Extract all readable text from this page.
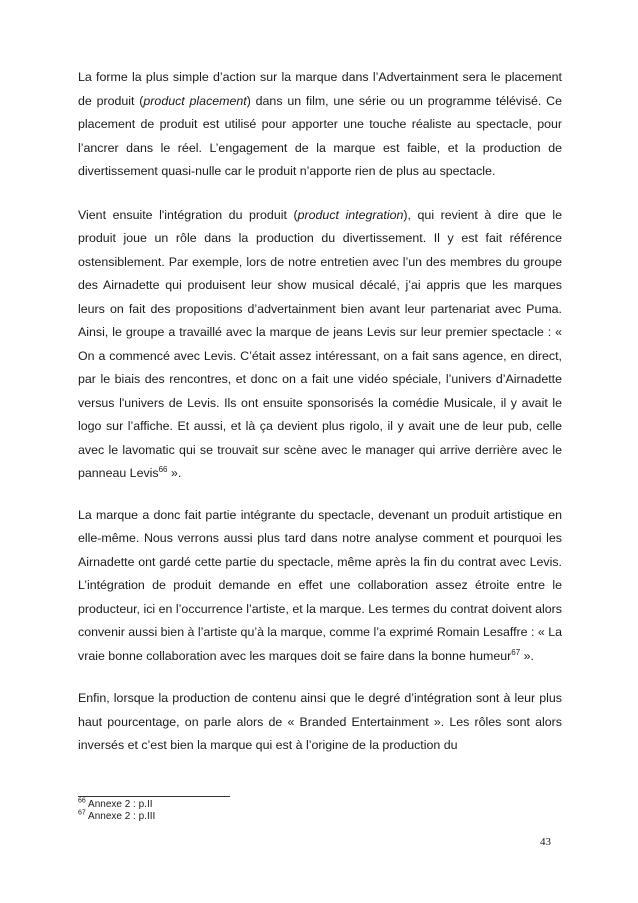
La forme la plus simple d’action sur la marque dans l’Advertainment sera le placement de produit (product placement) dans un film, une série ou un programme télévisé. Ce placement de produit est utilisé pour apporter une touche réaliste au spectacle, pour l’ancrer dans le réel. L’engagement de la marque est faible, et la production de divertissement quasi-nulle car le produit n’apporte rien de plus au spectacle.

Vient ensuite l'intégration du produit (product integration), qui revient à dire que le produit joue un rôle dans la production du divertissement. Il y est fait référence ostensiblement. Par exemple, lors de notre entretien avec l’un des membres du groupe des Airnadette qui produisent leur show musical décalé, j’ai appris que les marques leurs on fait des propositions d’advertainment bien avant leur partenariat avec Puma. Ainsi, le groupe a travaillé avec la marque de jeans Levis sur leur premier spectacle : « On a commencé avec Levis. C’était assez intéressant, on a fait sans agence, en direct, par le biais des rencontres, et donc on a fait une vidéo spéciale, l’univers d’Airnadette versus l'univers de Levis. Ils ont ensuite sponsorisés la comédie Musicale, il y avait le logo sur l’affiche. Et aussi, et là ça devient plus rigolo, il y avait une de leur pub, celle avec le lavomatic qui se trouvait sur scène avec le manager qui arrive derrière avec le panneau Levis$^{66}$ ».

La marque a donc fait partie intégrante du spectacle, devenant un produit artistique en elle-même. Nous verrons aussi plus tard dans notre analyse comment et pourquoi les Airnadette ont gardé cette partie du spectacle, même après la fin du contrat avec Levis. L’intégration de produit demande en effet une collaboration assez étroite entre le producteur, ici en l’occurrence l’artiste, et la marque. Les termes du contrat doivent alors convenir aussi bien à l’artiste qu’à la marque, comme l’a exprimé Romain Lesaffre : « La vraie bonne collaboration avec les marques doit se faire dans la bonne humeur$^{67}$ ».

Enfin, lorsque la production de contenu ainsi que le degré d’intégration sont à leur plus haut pourcentage, on parle alors de « Branded Entertainment ». Les rôles sont alors inversés et c’est bien la marque qui est à l’origine de la production du

$^{66}$ Annexe 2 : p.II
$^{67}$ Annexe 2 : p.III
43
